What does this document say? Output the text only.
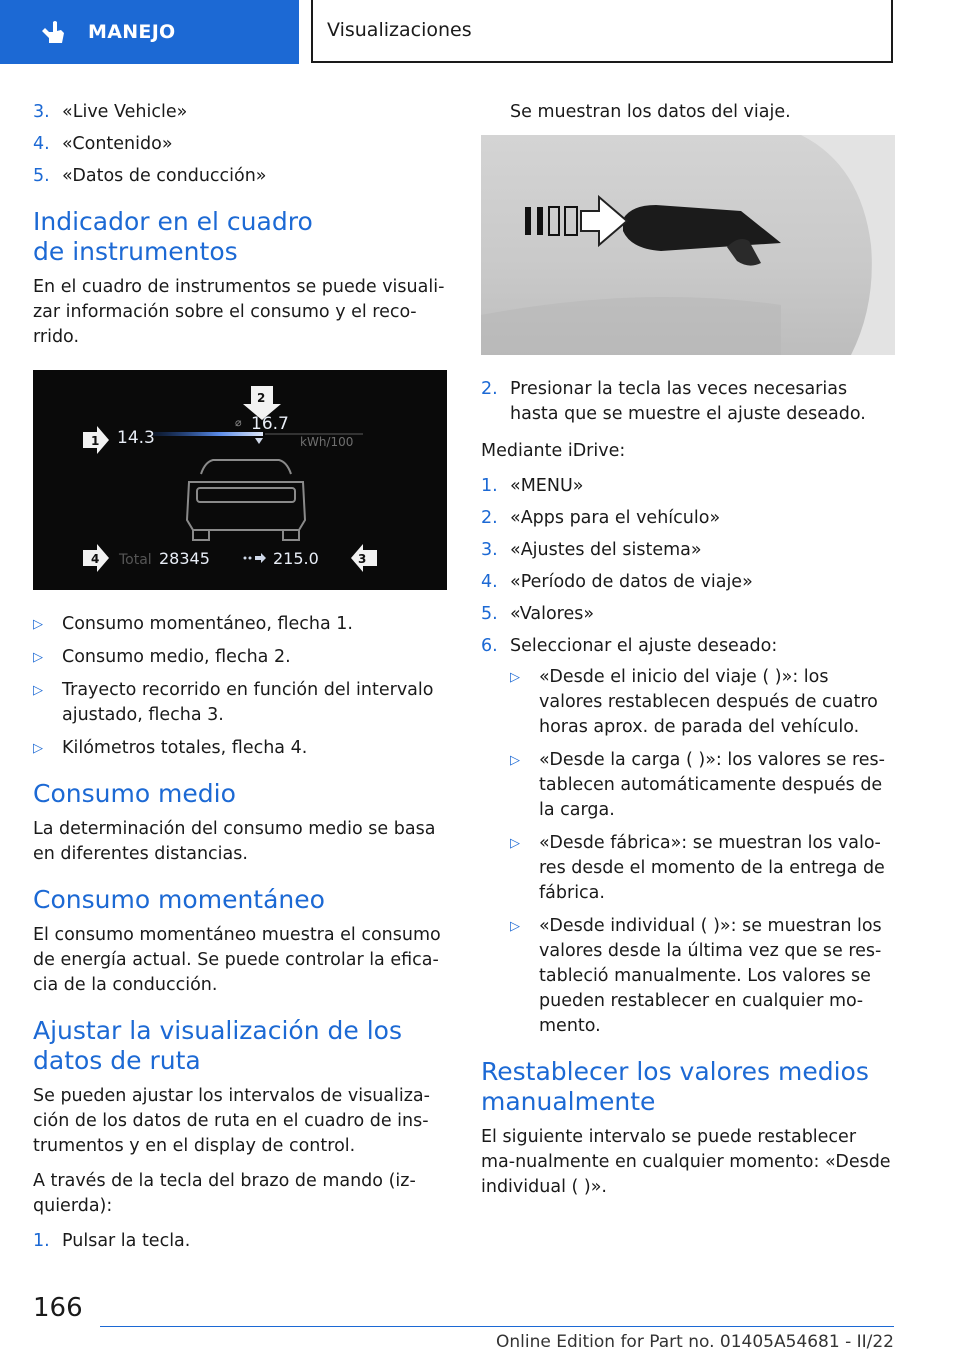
MANEJO	Visualizaciones
3. «Live Vehicle»
4. «Contenido»
5. «Datos de conducción»
Indicador en el cuadro de instrumentos

En el cuadro de instrumentos se puede visuali‐zar información sobre el consumo y el reco‐rrido.

1
2
3
4
⌀
14.3
16.7
kWh/100
Total 28345	215.0
▷	Consumo momentáneo, flecha 1.
▷	Consumo medio, flecha 2.
▷	Trayecto recorrido en función del intervalo ajustado, flecha 3.
▷	Kilómetros totales, flecha 4.
Consumo medio

La determinación del consumo medio se basa en diferentes distancias.

Consumo momentáneo

El consumo momentáneo muestra el consumo de energía actual. Se puede controlar la efica‐cia de la conducción.

Ajustar la visualización de los datos de ruta

Se pueden ajustar los intervalos de visualiza‐ción de los datos de ruta en el cuadro de ins‐trumentos y en el display de control.

A través de la tecla del brazo de mando (iz‐quierda):

1. Pulsar la tecla.

Se muestran los datos del viaje.

2. Presionar la tecla las veces necesarias hasta que se muestre el ajuste deseado.

Mediante iDrive:

1. «MENU»
2. «Apps para el vehículo»
3. «Ajustes del sistema»
4. «Período de datos de viaje»
5. «Valores»
6. Seleccionar el ajuste deseado:
▷	«Desde el inicio del viaje ( )»: los valores restablecen después de cuatro horas aprox. de parada del vehículo.
▷	«Desde la carga ( )»: los valores se res‐tablecen automáticamente después de la carga.
▷	«Desde fábrica»: se muestran los valo‐res desde el momento de la entrega de fábrica.
▷	«Desde individual ( )»: se muestran los valores desde la última vez que se res‐tableció manualmente. Los valores se pueden restablecer en cualquier mo‐mento.
Restablecer los valores medios manualmente

El siguiente intervalo se puede restablecer ma‐nualmente en cualquier momento: «Desde individual ( )».

166
Online Edition for Part no. 01405A54681 - II/22
